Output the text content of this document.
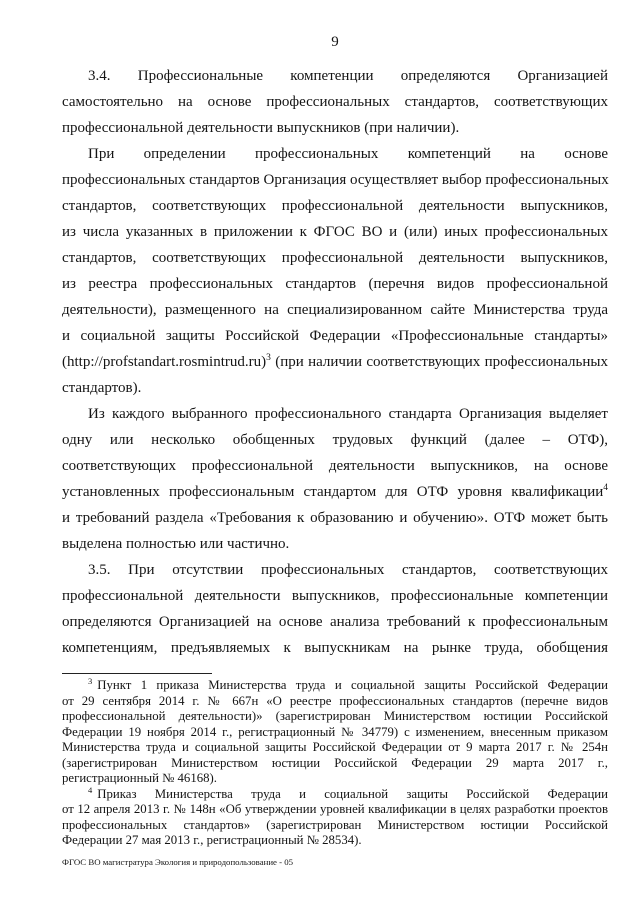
9
3.4. Профессиональные компетенции определяются Организацией
самостоятельно на основе профессиональных стандартов, соответствующих
профессиональной деятельности выпускников (при наличии).
При определении профессиональных компетенций на основе
профессиональных стандартов Организация осуществляет выбор профессиональных
стандартов, соответствующих профессиональной деятельности выпускников,
из числа указанных в приложении к ФГОС ВО и (или) иных профессиональных
стандартов, соответствующих профессиональной деятельности выпускников,
из реестра профессиональных стандартов (перечня видов профессиональной
деятельности), размещенного на специализированном сайте Министерства труда
и социальной защиты Российской Федерации «Профессиональные стандарты»
(http://profstandart.rosmintrud.ru)$^3$ (при наличии соответствующих профессиональных
стандартов).
Из каждого выбранного профессионального стандарта Организация выделяет
одну или несколько обобщенных трудовых функций (далее – ОТФ),
соответствующих профессиональной деятельности выпускников, на основе
установленных профессиональным стандартом для ОТФ уровня квалификации$^4$
и требований раздела «Требования к образованию и обучению». ОТФ может быть
выделена полностью или частично.
3.5. При отсутствии профессиональных стандартов, соответствующих
профессиональной деятельности выпускников, профессиональные компетенции
определяются Организацией на основе анализа требований к профессиональным
компетенциям, предъявляемых к выпускникам на рынке труда, обобщения
$^3$ Пункт 1 приказа Министерства труда и социальной защиты Российской Федерации
от 29 сентября 2014 г. № 667н «О реестре профессиональных стандартов (перечне видов
профессиональной деятельности)» (зарегистрирован Министерством юстиции Российской
Федерации 19 ноября 2014 г., регистрационный № 34779) с изменением, внесенным приказом
Министерства труда и социальной защиты Российской Федерации от 9 марта 2017 г. № 254н
(зарегистрирован Министерством юстиции Российской Федерации 29 марта 2017 г.,
регистрационный № 46168).
$^4$ Приказ Министерства труда и социальной защиты Российской Федерации
от 12 апреля 2013 г. № 148н «Об утверждении уровней квалификации в целях разработки проектов
профессиональных стандартов» (зарегистрирован Министерством юстиции Российской
Федерации 27 мая 2013 г., регистрационный № 28534).
ФГОС ВО магистратура Экология и природопользование - 05
